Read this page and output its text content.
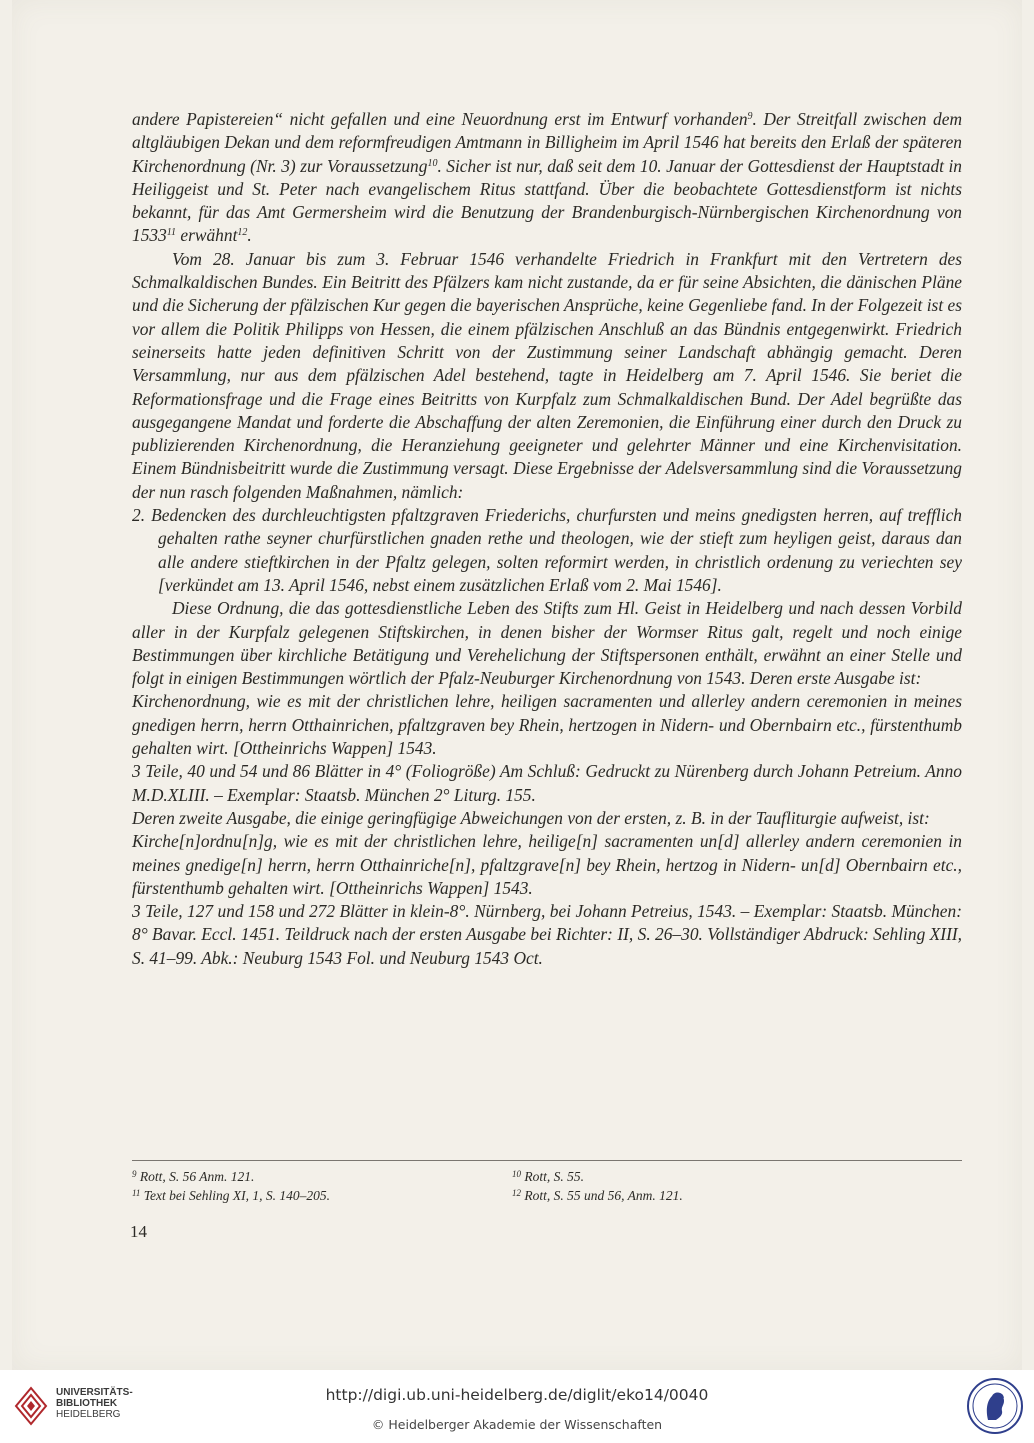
andere Papistereien“ nicht gefallen und eine Neuordnung erst im Entwurf vorhanden$^9$. Der Streitfall zwischen dem altgläubigen Dekan und dem reformfreudigen Amtmann in Billigheim im April 1546 hat bereits den Erlaß der späteren Kirchenordnung (Nr. 3) zur Voraussetzung$^{10}$. Sicher ist nur, daß seit dem 10. Januar der Gottesdienst der Hauptstadt in Heiliggeist und St. Peter nach evangelischem Ritus stattfand. Über die beobachtete Gottesdienstform ist nichts bekannt, für das Amt Germersheim wird die Benutzung der Brandenburgisch-Nürnbergischen Kirchenordnung von 1533$^{11}$ erwähnt$^{12}$.

Vom 28. Januar bis zum 3. Februar 1546 verhandelte Friedrich in Frankfurt mit den Vertretern des Schmalkaldischen Bundes. Ein Beitritt des Pfälzers kam nicht zustande, da er für seine Absichten, die dänischen Pläne und die Sicherung der pfälzischen Kur gegen die bayerischen Ansprüche, keine Gegenliebe fand. In der Folgezeit ist es vor allem die Politik Philipps von Hessen, die einem pfälzischen Anschluß an das Bündnis entgegenwirkt. Friedrich seinerseits hatte jeden definitiven Schritt von der Zustimmung seiner Landschaft abhängig gemacht. Deren Versammlung, nur aus dem pfälzischen Adel bestehend, tagte in Heidelberg am 7. April 1546. Sie beriet die Reformationsfrage und die Frage eines Beitritts von Kurpfalz zum Schmalkaldischen Bund. Der Adel begrüßte das ausgegangene Mandat und forderte die Abschaffung der alten Zeremonien, die Einführung einer durch den Druck zu publizierenden Kirchenordnung, die Heranziehung geeigneter und gelehrter Männer und eine Kirchenvisitation. Einem Bündnisbeitritt wurde die Zustimmung versagt. Diese Ergebnisse der Adelsversammlung sind die Voraussetzung der nun rasch folgenden Maßnahmen, nämlich:

2. Bedencken des durchleuchtigsten pfaltzgraven Friederichs, churfursten und meins gnedigsten herren, auf trefflich gehalten rathe seyner churfürstlichen gnaden rethe und theologen, wie der stieft zum heyligen geist, daraus dan alle andere stieftkirchen in der Pfaltz gelegen, solten reformirt werden, in christlich ordenung zu veriechten sey [verkündet am 13. April 1546, nebst einem zusätzlichen Erlaß vom 2. Mai 1546].

Diese Ordnung, die das gottesdienstliche Leben des Stifts zum Hl. Geist in Heidelberg und nach dessen Vorbild aller in der Kurpfalz gelegenen Stiftskirchen, in denen bisher der Wormser Ritus galt, regelt und noch einige Bestimmungen über kirchliche Betätigung und Verehelichung der Stiftspersonen enthält, erwähnt an einer Stelle und folgt in einigen Bestimmungen wörtlich der Pfalz-Neuburger Kirchenordnung von 1543. Deren erste Ausgabe ist:

Kirchenordnung, wie es mit der christlichen lehre, heiligen sacramenten und allerley andern ceremonien in meines gnedigen herrn, herrn Otthainrichen, pfaltzgraven bey Rhein, hertzogen in Nidern- und Obernbairn etc., fürstenthumb gehalten wirt. [Ottheinrichs Wappen] 1543.

3 Teile, 40 und 54 und 86 Blätter in 4° (Foliogröße) Am Schluß: Gedruckt zu Nürenberg durch Johann Petreium. Anno M.D.XLIII. – Exemplar: Staatsb. München 2° Liturg. 155.

Deren zweite Ausgabe, die einige geringfügige Abweichungen von der ersten, z. B. in der Taufliturgie aufweist, ist:

Kirche[n]ordnu[n]g, wie es mit der christlichen lehre, heilige[n] sacramenten un[d] allerley andern ceremonien in meines gnedige[n] herrn, herrn Otthainriche[n], pfaltzgrave[n] bey Rhein, hertzog in Nidern- un[d] Obernbairn etc., fürstenthumb gehalten wirt. [Ottheinrichs Wappen] 1543.

3 Teile, 127 und 158 und 272 Blätter in klein-8°. Nürnberg, bei Johann Petreius, 1543. – Exemplar: Staatsb. München: 8° Bavar. Eccl. 1451. Teildruck nach der ersten Ausgabe bei Richter: II, S. 26–30. Vollständiger Abdruck: Sehling XIII, S. 41–99. Abk.: Neuburg 1543 Fol. und Neuburg 1543 Oct.

$^9$ Rott, S. 56 Anm. 121.	$^{10}$ Rott, S. 55.
$^{11}$ Text bei Sehling XI, 1, S. 140–205.	$^{12}$ Rott, S. 55 und 56, Anm. 121.
14
UNIVERSITÄTS-
BIBLIOTHEK
HEIDELBERG
http://digi.ub.uni-heidelberg.de/diglit/eko14/0040
© Heidelberger Akademie der Wissenschaften
